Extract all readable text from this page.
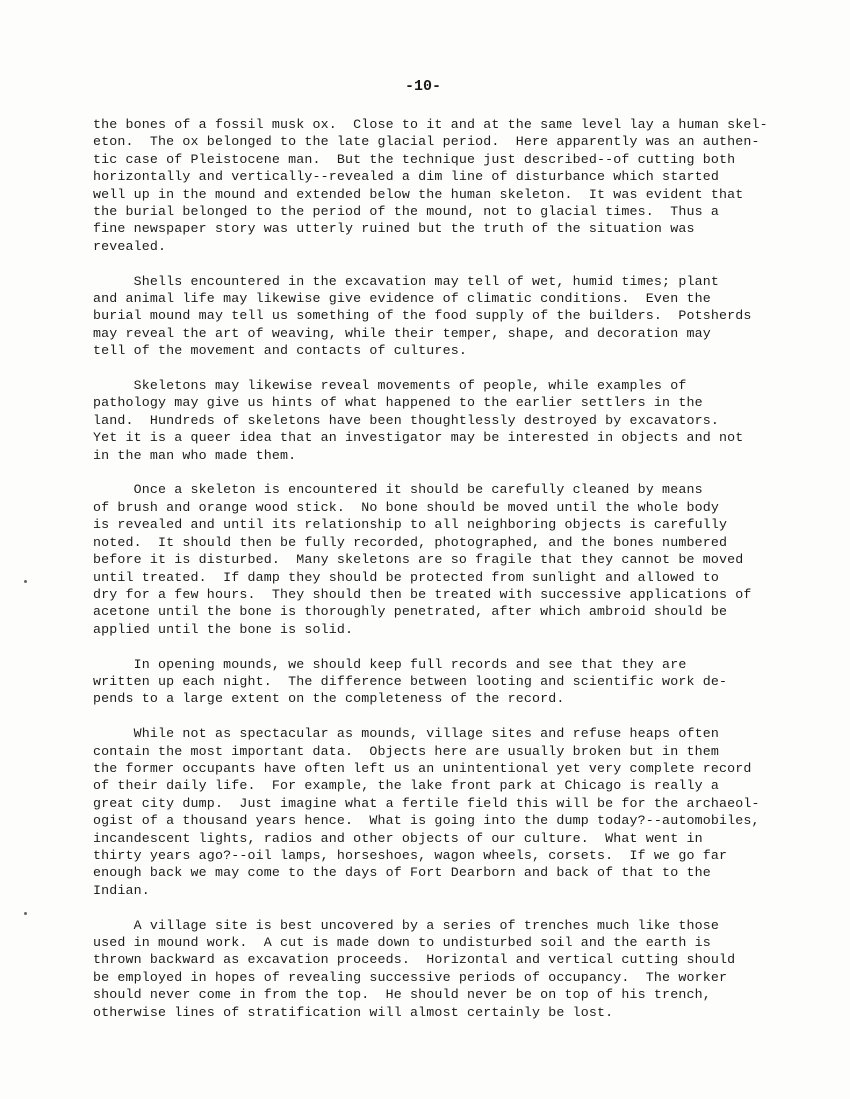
-10-
the bones of a fossil musk ox.  Close to it and at the same level lay a human skel-
eton.  The ox belonged to the late glacial period.  Here apparently was an authen-
tic case of Pleistocene man.  But the technique just described--of cutting both
horizontally and vertically--revealed a dim line of disturbance which started
well up in the mound and extended below the human skeleton.  It was evident that
the burial belonged to the period of the mound, not to glacial times.  Thus a
fine newspaper story was utterly ruined but the truth of the situation was
revealed.
Shells encountered in the excavation may tell of wet, humid times; plant
and animal life may likewise give evidence of climatic conditions.  Even the
burial mound may tell us something of the food supply of the builders.  Potsherds
may reveal the art of weaving, while their temper, shape, and decoration may
tell of the movement and contacts of cultures.
Skeletons may likewise reveal movements of people, while examples of
pathology may give us hints of what happened to the earlier settlers in the
land.  Hundreds of skeletons have been thoughtlessly destroyed by excavators.
Yet it is a queer idea that an investigator may be interested in objects and not
in the man who made them.
Once a skeleton is encountered it should be carefully cleaned by means
of brush and orange wood stick.  No bone should be moved until the whole body
is revealed and until its relationship to all neighboring objects is carefully
noted.  It should then be fully recorded, photographed, and the bones numbered
before it is disturbed.  Many skeletons are so fragile that they cannot be moved
until treated.  If damp they should be protected from sunlight and allowed to
dry for a few hours.  They should then be treated with successive applications of
acetone until the bone is thoroughly penetrated, after which ambroid should be
applied until the bone is solid.
In opening mounds, we should keep full records and see that they are
written up each night.  The difference between looting and scientific work de-
pends to a large extent on the completeness of the record.
While not as spectacular as mounds, village sites and refuse heaps often
contain the most important data.  Objects here are usually broken but in them
the former occupants have often left us an unintentional yet very complete record
of their daily life.  For example, the lake front park at Chicago is really a
great city dump.  Just imagine what a fertile field this will be for the archaeol-
ogist of a thousand years hence.  What is going into the dump today?--automobiles,
incandescent lights, radios and other objects of our culture.  What went in
thirty years ago?--oil lamps, horseshoes, wagon wheels, corsets.  If we go far
enough back we may come to the days of Fort Dearborn and back of that to the
Indian.
A village site is best uncovered by a series of trenches much like those
used in mound work.  A cut is made down to undisturbed soil and the earth is
thrown backward as excavation proceeds.  Horizontal and vertical cutting should
be employed in hopes of revealing successive periods of occupancy.  The worker
should never come in from the top.  He should never be on top of his trench,
otherwise lines of stratification will almost certainly be lost.
